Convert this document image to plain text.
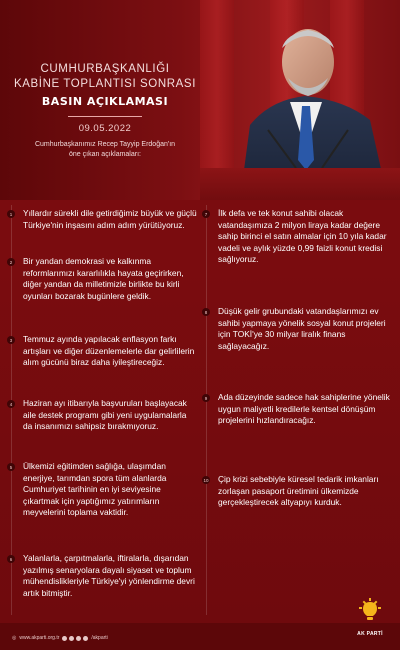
CUMHURBAŞKANLIĞI
KABİNE TOPLANTISI SONRASI
BASIN AÇIKLAMASI
09.05.2022
Cumhurbaşkanımız Recep Tayyip Erdoğan'ın
öne çıkan açıklamaları:
1	Yıllardır sürekli dile getirdiğimiz büyük ve güçlü Türkiye'nin inşasını adım adım yürütüyoruz.
2	Bir yandan demokrasi ve kalkınma reformlarımızı kararlılıkla hayata geçirirken, diğer yandan da milletimizle birlikte bu kirli oyunları bozarak bugünlere geldik.
3	Temmuz ayında yapılacak enflasyon farkı artışları ve diğer düzenlemelerle dar gelirlilerin alım gücünü biraz daha iyileştireceğiz.
4	Haziran ayı itibarıyla başvuruları başlayacak aile destek programı gibi yeni uygulamalarla da insanımızı sahipsiz bırakmıyoruz.
5	Ülkemizi eğitimden sağlığa, ulaşımdan enerjiye, tarımdan spora tüm alanlarda Cumhuriyet tarihinin en iyi seviyesine çıkartmak için yaptığımız yatırımların meyvelerini toplama vaktidir.
6	Yalanlarla, çarpıtmalarla, iftiralarla, dışarıdan yazılmış senaryolara dayalı siyaset ve toplum mühendislikleriyle Türkiye'yi yönlendirme devri artık bitmiştir.
7	İlk defa ve tek konut sahibi olacak vatandaşımıza 2 milyon liraya kadar değere sahip birinci el satın almalar için 10 yıla kadar vadeli ve aylık yüzde 0,99 faizli konut kredisi sağlıyoruz.
8	Düşük gelir grubundaki vatandaşlarımızı ev sahibi yapmaya yönelik sosyal konut projeleri için TOKİ'ye 30 milyar liralık finans sağlayacağız.
9	Ada düzeyinde sadece hak sahiplerine yönelik uygun maliyetli kredilerle kentsel dönüşüm projelerini hızlandıracağız.
10 Çip krizi sebebiyle küresel tedarik imkanları zorlaşan pasaport üretimini ülkemizde gerçekleştirecek altyapıyı kurduk.
◎ www.akparti.org.tr	/akparti
AK PARTİ
